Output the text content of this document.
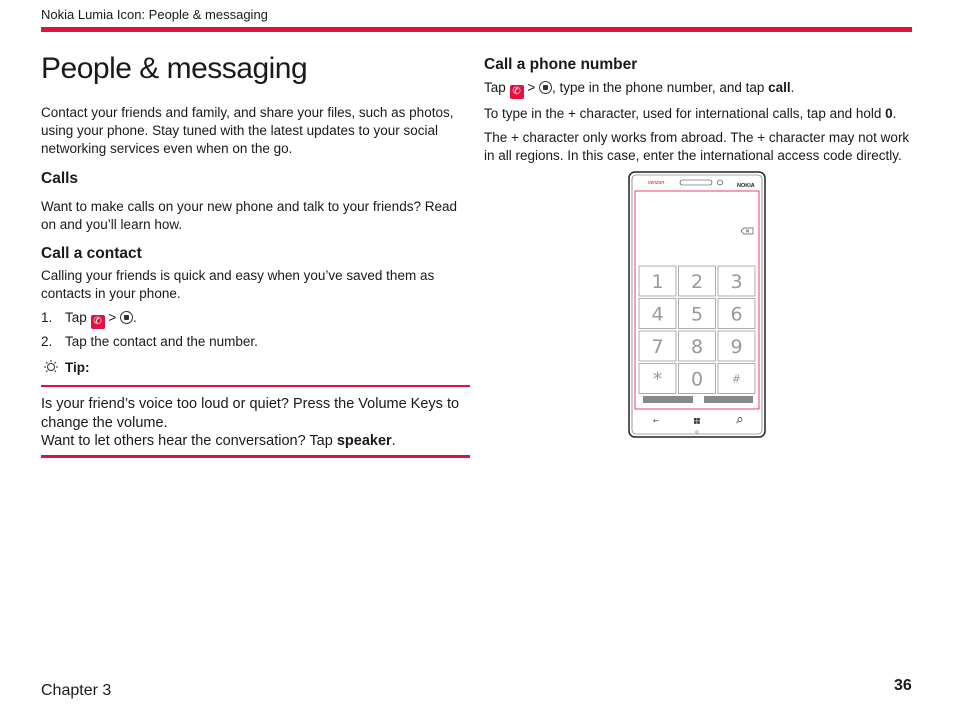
Nokia Lumia Icon: People & messaging
People & messaging

Contact your friends and family, and share your files, such as photos, using your phone. Stay tuned with the latest updates to your social networking services even when on the go.

Calls

Want to make calls on your new phone and talk to your friends? Read on and you’ll learn how.

Call a contact

Calling your friends is quick and easy when you’ve saved them as contacts in your phone.

1. Tap ✆ > .
2. Tap the contact and the number.
Tip:

Is your friend’s voice too loud or quiet? Press the Volume Keys to change the volume.

Want to let others hear the conversation? Tap speaker.

Call a phone number

Tap ✆ > , type in the phone number, and tap call.

To type in the + character, used for international calls, tap and hold 0.

The + character only works from abroad. The + character may not work in all regions. In this case, enter the international access code directly.

verizon	NOKIA
1 2 3
4 5 6
7 8 9
* 0	#
←
Chapter 3	36
